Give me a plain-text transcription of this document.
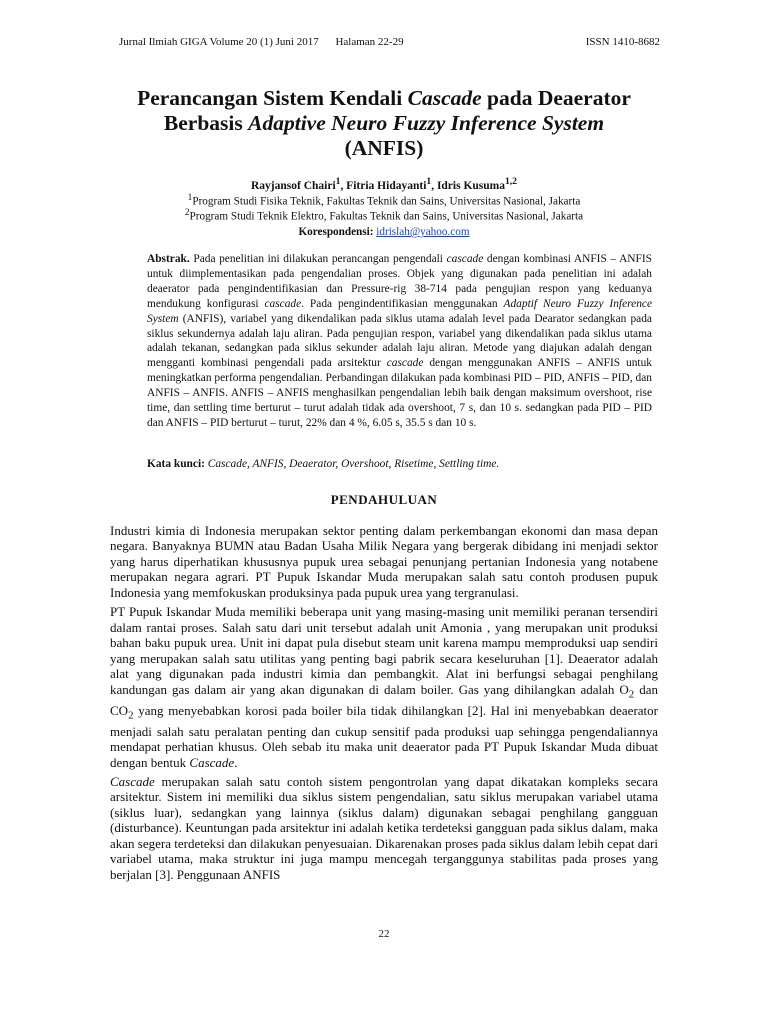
Jurnal Ilmiah GIGA Volume 20 (1) Juni 2017 Halaman 22-29	ISSN 1410-8682
Perancangan Sistem Kendali Cascade pada Deaerator
Berbasis Adaptive Neuro Fuzzy Inference System
(ANFIS)
Rayjansof Chairi$^1$, Fitria Hidayanti$^1$, Idris Kusuma$^{1,2}$
$^1$Program Studi Fisika Teknik, Fakultas Teknik dan Sains, Universitas Nasional, Jakarta
$^2$Program Studi Teknik Elektro, Fakultas Teknik dan Sains, Universitas Nasional, Jakarta
Korespondensi: idrislah@yahoo.com
Abstrak. Pada penelitian ini dilakukan perancangan pengendali cascade dengan kombinasi ANFIS – ANFIS untuk diimplementasikan pada pengendalian proses. Objek yang digunakan pada penelitian ini adalah deaerator pada pengindentifikasian dan Pressure-rig 38-714 pada pengujian respon yang keduanya mendukung konfigurasi cascade. Pada pengindentifikasian menggunakan Adaptif Neuro Fuzzy Inference System (ANFIS), variabel yang dikendalikan pada siklus utama adalah level pada Dearator sedangkan pada siklus sekundernya adalah laju aliran. Pada pengujian respon, variabel yang dikendalikan pada siklus utama adalah tekanan, sedangkan pada siklus sekunder adalah laju aliran. Metode yang diajukan adalah dengan mengganti kombinasi pengendali pada arsitektur cascade dengan menggunakan ANFIS – ANFIS untuk meningkatkan performa pengendalian. Perbandingan dilakukan pada kombinasi PID – PID, ANFIS – PID, dan ANFIS – ANFIS. ANFIS – ANFIS menghasilkan pengendalian lebih baik dengan maksimum overshoot, rise time, dan settling time berturut – turut adalah tidak ada overshoot, 7 s, dan 10 s. sedangkan pada PID – PID dan ANFIS – PID berturut – turut, 22% dan 4 %, 6.05 s, 35.5 s dan 10 s.
Kata kunci: Cascade, ANFIS, Deaerator, Overshoot, Risetime, Settling time.
PENDAHULUAN

Industri kimia di Indonesia merupakan sektor penting dalam perkembangan ekonomi dan masa depan negara. Banyaknya BUMN atau Badan Usaha Milik Negara yang bergerak dibidang ini menjadi sektor yang harus diperhatikan khususnya pupuk urea sebagai penunjang pertanian Indonesia yang notabene merupakan negara agrari. PT Pupuk Iskandar Muda merupakan salah satu contoh produsen pupuk Indonesia yang memfokuskan produksinya pada pupuk urea yang tergranulasi.

PT Pupuk Iskandar Muda memiliki beberapa unit yang masing-masing unit memiliki peranan tersendiri dalam rantai proses. Salah satu dari unit tersebut adalah unit Amonia , yang merupakan unit produksi bahan baku pupuk urea. Unit ini dapat pula disebut steam unit karena mampu memproduksi uap sendiri yang merupakan salah satu utilitas yang penting bagi pabrik secara keseluruhan [1]. Deaerator adalah alat yang digunakan pada industri kimia dan pembangkit. Alat ini berfungsi sebagai penghilang kandungan gas dalam air yang akan digunakan di dalam boiler. Gas yang dihilangkan adalah $O_2$ dan $CO_2$ yang menyebabkan korosi pada boiler bila tidak dihilangkan [2]. Hal ini menyebabkan deaerator menjadi salah satu peralatan penting dan cukup sensitif pada produksi uap sehingga pengendaliannya mendapat perhatian khusus. Oleh sebab itu maka unit deaerator pada PT Pupuk Iskandar Muda dibuat dengan bentuk Cascade.

Cascade merupakan salah satu contoh sistem pengontrolan yang dapat dikatakan kompleks secara arsitektur. Sistem ini memiliki dua siklus sistem pengendalian, satu siklus merupakan variabel utama (siklus luar), sedangkan yang lainnya (siklus dalam) digunakan sebagai penghilang gangguan (disturbance). Keuntungan pada arsitektur ini adalah ketika terdeteksi gangguan pada siklus dalam, maka akan segera terdeteksi dan dilakukan penyesuaian. Dikarenakan proses pada siklus dalam lebih cepat dari variabel utama, maka struktur ini juga mampu mencegah terganggunya stabilitas pada proses yang berjalan [3]. Penggunaan ANFIS

22
